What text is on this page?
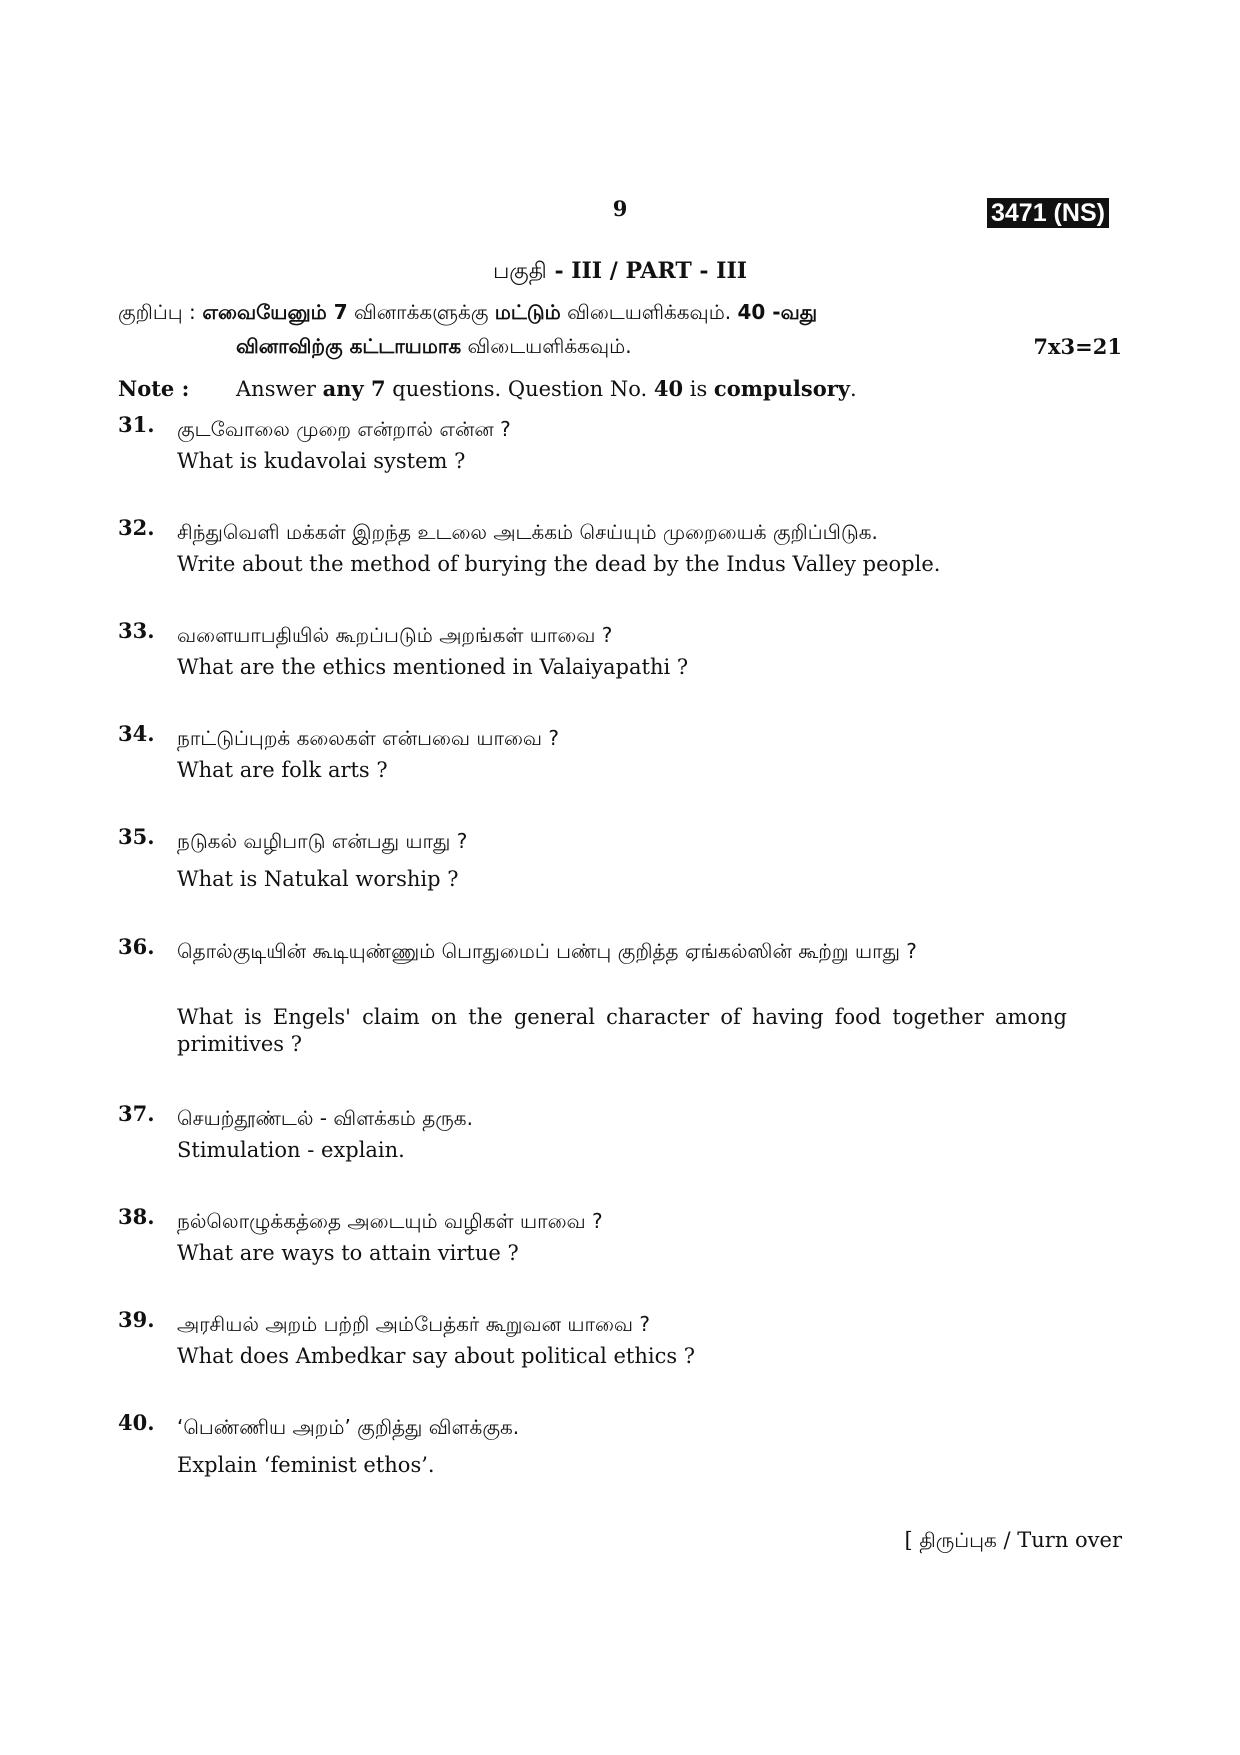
9	3471 (NS)
பகுதி - III / PART - III
குறிப்பு : எவையேனும் 7 வினாக்களுக்கு மட்டும் விடையளிக்கவும். 40 -வது
வினாவிற்கு கட்டாயமாக விடையளிக்கவும்.	7x3=21
Note : Answer any 7 questions. Question No. 40 is compulsory.
31. குடவோலை முறை என்றால் என்ன ?
What is kudavolai system ?
32. சிந்துவெளி மக்கள் இறந்த உடலை அடக்கம் செய்யும் முறையைக் குறிப்பிடுக.
Write about the method of burying the dead by the Indus Valley people.
33. வளையாபதியில் கூறப்படும் அறங்கள் யாவை ?
What are the ethics mentioned in Valaiyapathi ?
34. நாட்டுப்புறக் கலைகள் என்பவை யாவை ?
What are folk arts ?
35. நடுகல் வழிபாடு என்பது யாது ?
What is Natukal worship ?
36. தொல்குடியின் கூடியுண்ணும் பொதுமைப் பண்பு குறித்த ஏங்கல்ஸின் கூற்று யாது ?
What is Engels' claim on the general character of having food together among primitives ?
37. செயற்தூண்டல் - விளக்கம் தருக.
Stimulation - explain.
38. நல்லொழுக்கத்தை அடையும் வழிகள் யாவை ?
What are ways to attain virtue ?
39. அரசியல் அறம் பற்றி அம்பேத்கர் கூறுவன யாவை ?
What does Ambedkar say about political ethics ?
40. ‘பெண்ணிய அறம்’ குறித்து விளக்குக.
Explain ‘feminist ethos’.
[ திருப்புக / Turn over
